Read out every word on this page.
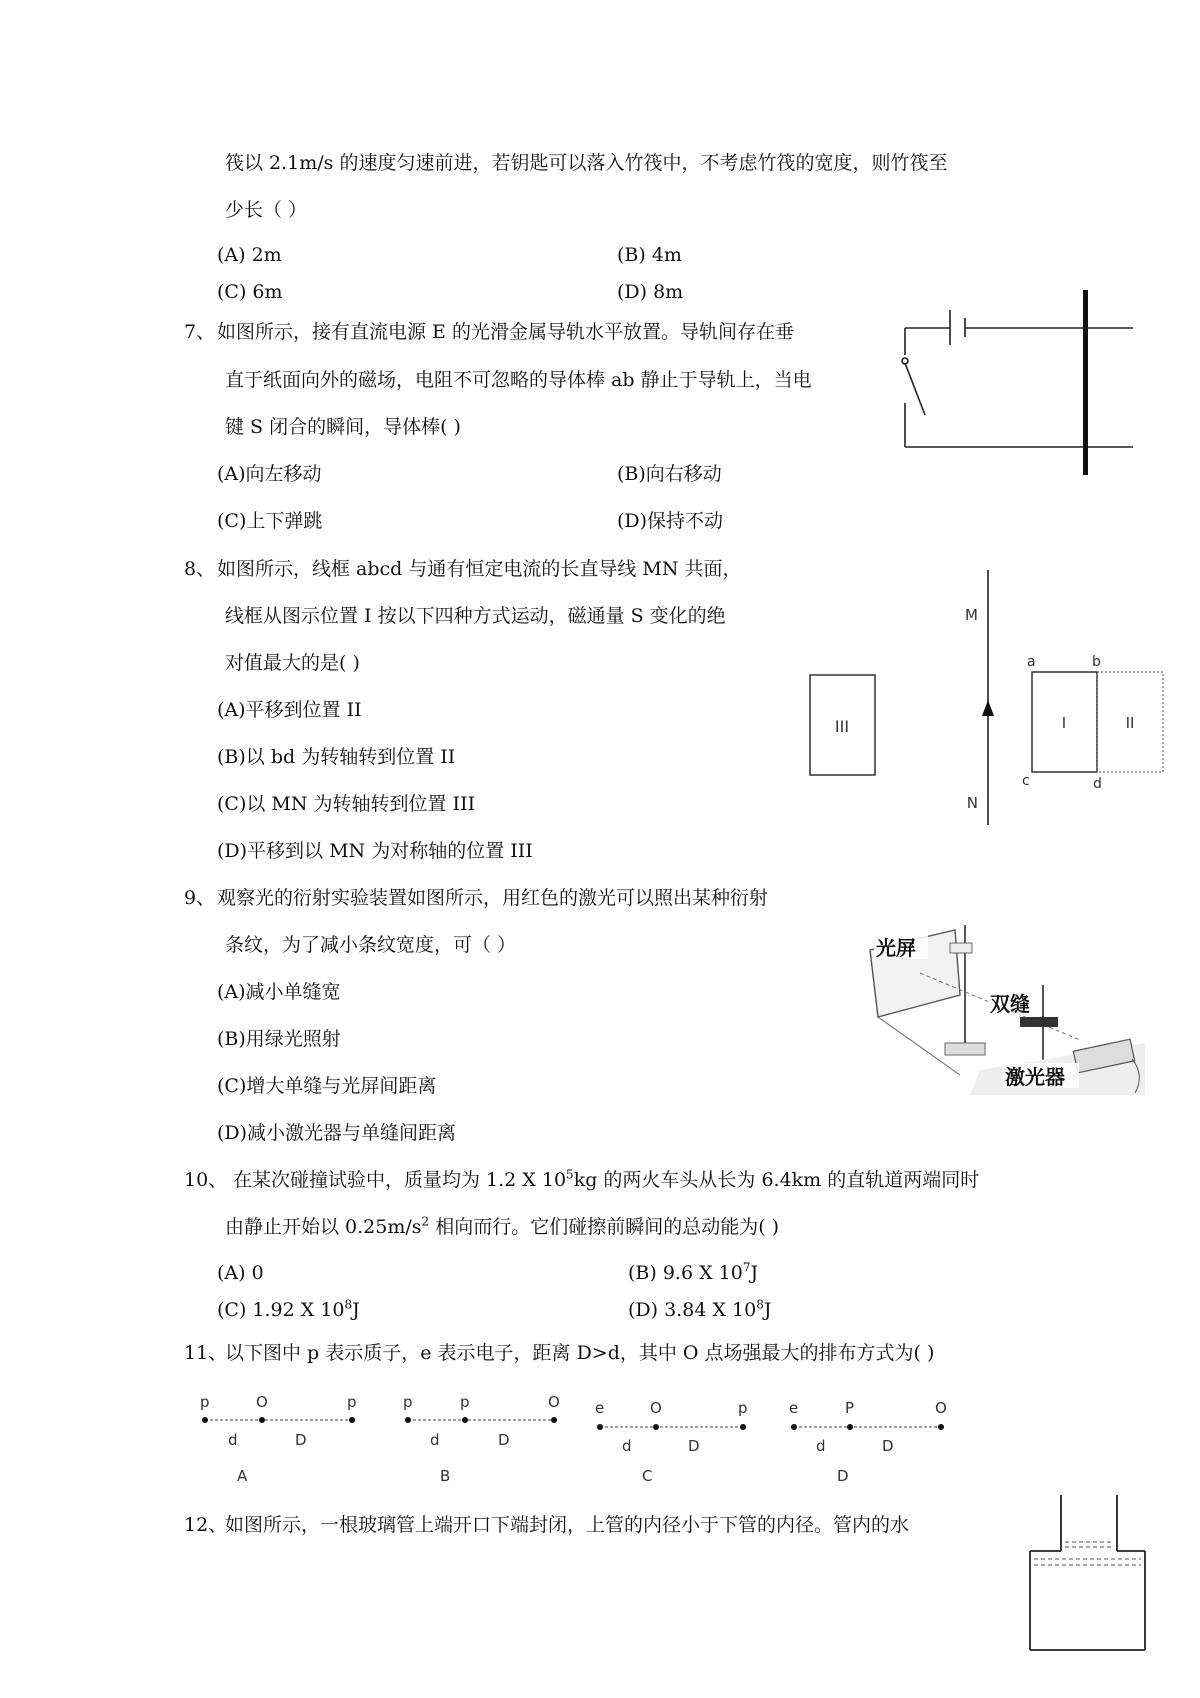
筏以 2.1m/s 的速度匀速前进，若钥匙可以落入竹筏中，不考虑竹筏的宽度，则竹筏至
少长（ ）
(A) 2m	(B) 4m
(C) 6m	(D) 8m
7、 如图所示，接有直流电源 E 的光滑金属导轨水平放置。导轨间存在垂
直于纸面向外的磁场，电阻不可忽略的导体棒 ab 静止于导轨上，当电
键 S 闭合的瞬间，导体棒( )
(A)向左移动	(B)向右移动
(C)上下弹跳	(D)保持不动
8、 如图所示，线框 abcd 与通有恒定电流的长直导线 MN 共面，
线框从图示位置 I 按以下四种方式运动，磁通量 S 变化的绝
对值最大的是( )
(A)平移到位置 II
(B)以 bd 为转轴转到位置 II
(C)以 MN 为转轴转到位置 III
(D)平移到以 MN 为对称轴的位置 III
III
M
N
I	II
a	b
c	d
9、 观察光的衍射实验装置如图所示，用红色的激光可以照出某种衍射
条纹，为了减小条纹宽度，可（ ）
(A)减小单缝宽
(B)用绿光照射
(C)增大单缝与光屏间距离
(D)减小激光器与单缝间距离
光屏
双缝
激光器
10、 在某次碰撞试验中，质量均为 1.2 X $10^5kg$ 的两火车头从长为 6.4km 的直轨道两端同时
由静止开始以 $0.25m/s^2$ 相向而行。它们碰擦前瞬间的总动能为( )
(A) 0	(B) 9.6 X $10^7J$
(C) 1.92 X $10^8J$	(D) 3.84 X $10^8J$
11、
以下图中 p 表示质子，e 表示电子，距离 D>d，其中 O 点场强最大的排布方式为( )
p	O	p
d	D
A
p	p	O
d	D
B
e	O	p
d	D
C
e	P	O
d	D
D
12、
如图所示，一根玻璃管上端开口下端封闭，上管的内径小于下管的内径。管内的水
